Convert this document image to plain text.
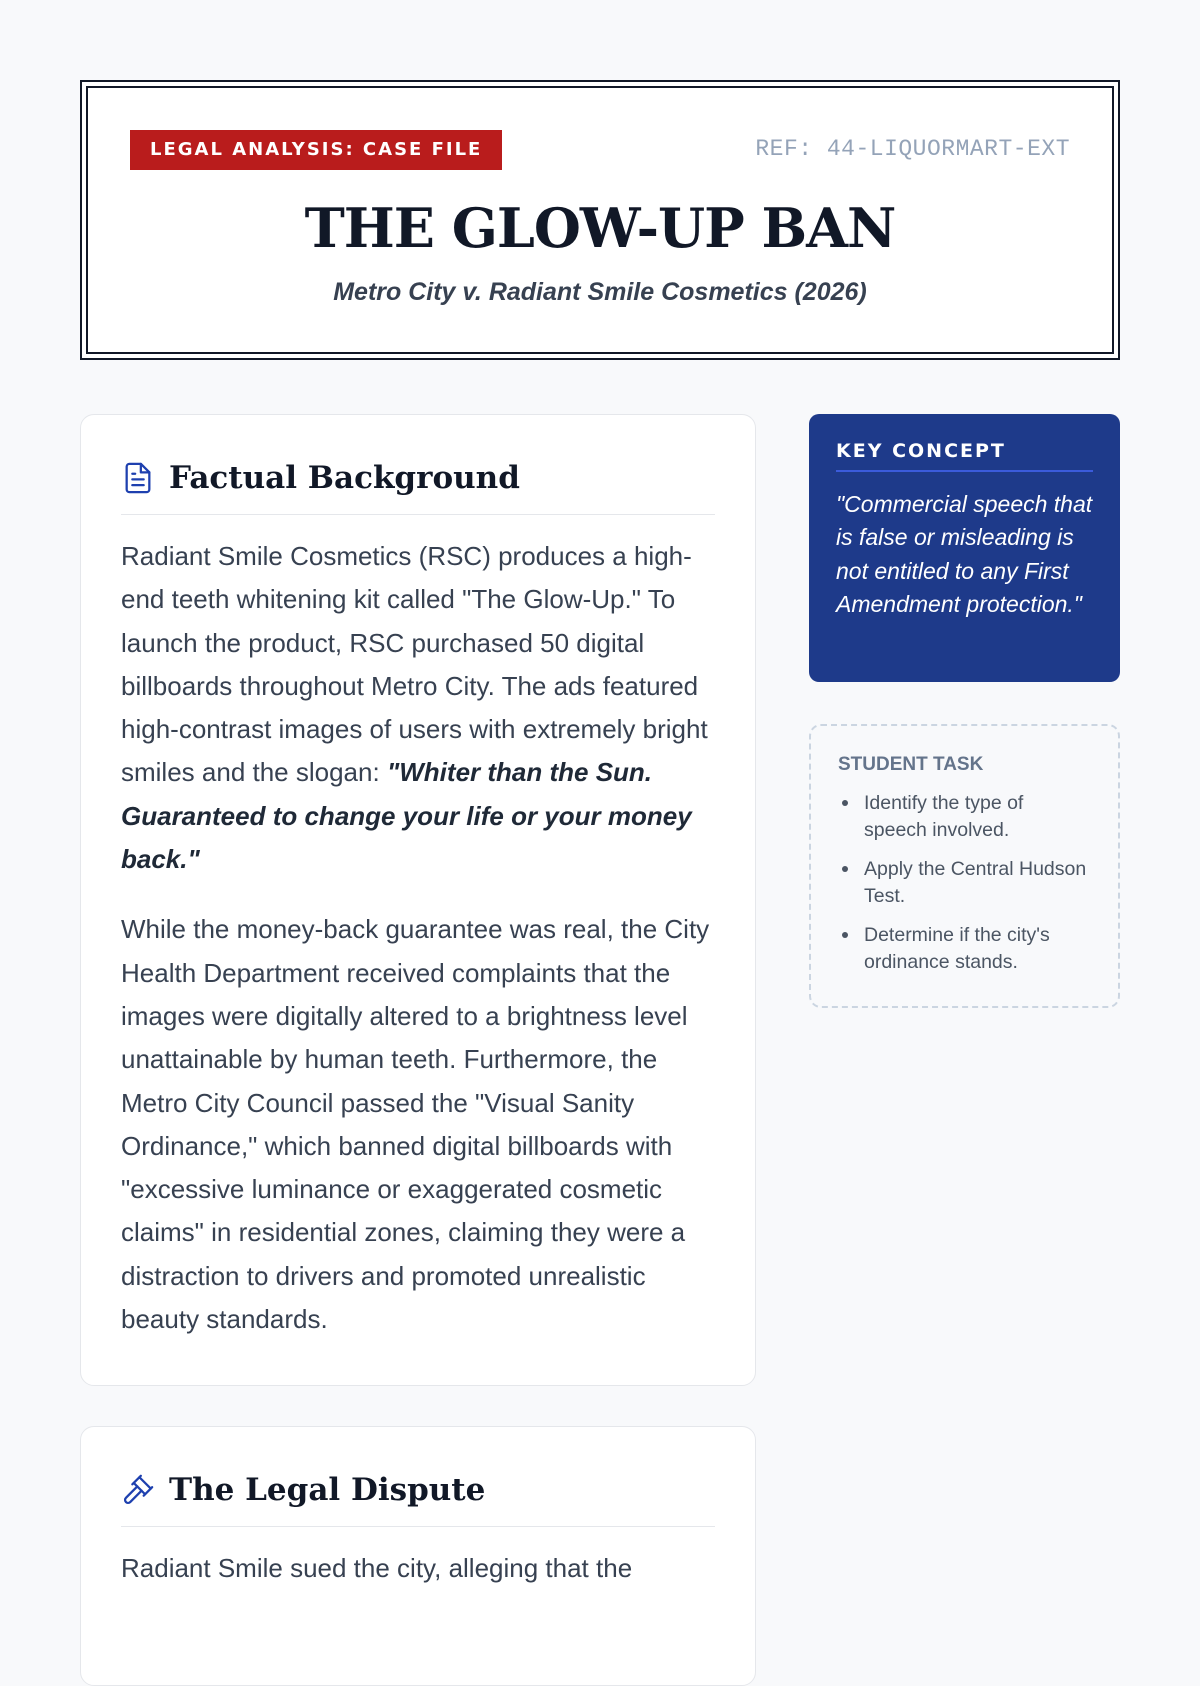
LEGAL ANALYSIS: CASE FILE	REF: 44-LIQUORMART-EXT
THE GLOW-UP BAN
Metro City v. Radiant Smile Cosmetics (2026)
Factual Background

Radiant Smile Cosmetics (RSC) produces a high-end teeth whitening kit called "The Glow-Up." To launch the product, RSC purchased 50 digital billboards throughout Metro City. The ads featured high-contrast images of users with extremely bright smiles and the slogan: "Whiter than the Sun. Guaranteed to change your life or your money back."

While the money-back guarantee was real, the City Health Department received complaints that the images were digitally altered to a brightness level unattainable by human teeth. Furthermore, the Metro City Council passed the "Visual Sanity Ordinance," which banned digital billboards with "excessive luminance or exaggerated cosmetic claims" in residential zones, claiming they were a distraction to drivers and promoted unrealistic beauty standards.

The Legal Dispute

Radiant Smile sued the city, alleging that the

KEY CONCEPT
"Commercial speech that is false or misleading is not entitled to any First Amendment protection."
STUDENT TASK
Identify the type of speech involved.
Apply the Central Hudson Test.
Determine if the city's ordinance stands.
